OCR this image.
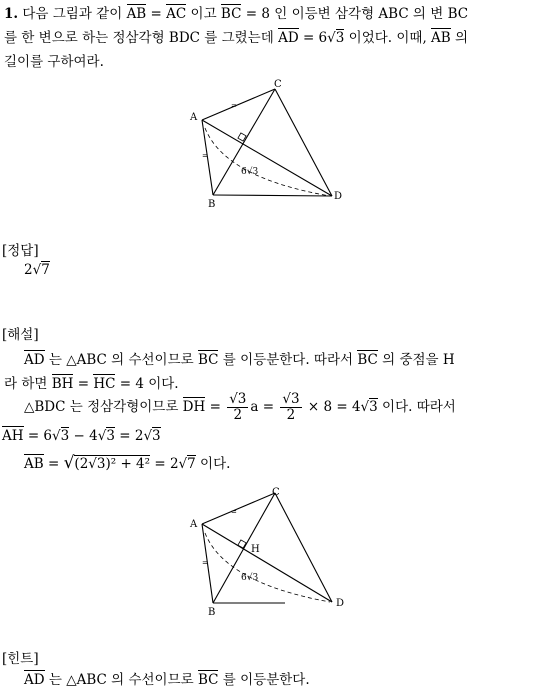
1. 다음 그림과 같이 AB = AC 이고 BC = 8 인 이등변 삼각형 ABC 의 변 BC
를 한 변으로 하는 정삼각형 BDC 를 그렸는데 AD = 6√3 이었다. 이때, AB 의
길이를 구하여라.
A
B
C
D
6√3
=
=
[정답]
2√7
[해설]
AD 는 △ABC 의 수선이므로 BC 를 이등분한다. 따라서 BC 의 중점을 H
라 하면 BH = HC = 4 이다.
△BDC 는 정삼각형이므로 DH = $\frac{√3}{2}$ $a = \frac{√3}{2} \times 8 = 4√3$ 이다. 따라서
AH = 6√3 − 4√3 = 2√3
AB = √(2√3)² + 4² = 2√7 이다.
A
B
C
D
H
6√3
=
=
[힌트]
AD 는 △ABC 의 수선이므로 BC 를 이등분한다.
